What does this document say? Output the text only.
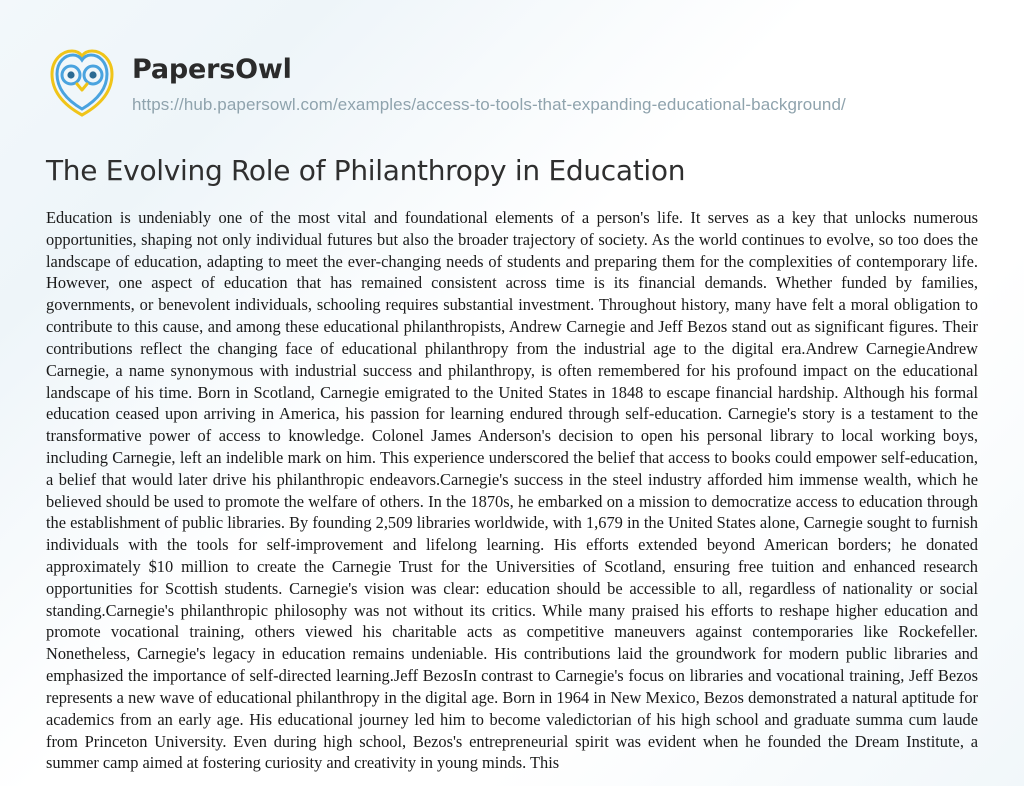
PapersOwl
https://hub.papersowl.com/examples/access-to-tools-that-expanding-educational-background/
The Evolving Role of Philanthropy in Education

Education is undeniably one of the most vital and foundational elements of a person's life. It serves as a key that unlocks numerous opportunities, shaping not only individual futures but also the broader trajectory of society. As the world continues to evolve, so too does the landscape of education, adapting to meet the ever-changing needs of students and preparing them for the complexities of contemporary life. However, one aspect of education that has remained consistent across time is its financial demands. Whether funded by families, governments, or benevolent individuals, schooling requires substantial investment. Throughout history, many have felt a moral obligation to contribute to this cause, and among these educational philanthropists, Andrew Carnegie and Jeff Bezos stand out as significant figures. Their contributions reflect the changing face of educational philanthropy from the industrial age to the digital era.Andrew CarnegieAndrew Carnegie, a name synonymous with industrial success and philanthropy, is often remembered for his profound impact on the educational landscape of his time. Born in Scotland, Carnegie emigrated to the United States in 1848 to escape financial hardship. Although his formal education ceased upon arriving in America, his passion for learning endured through self-education. Carnegie's story is a testament to the transformative power of access to knowledge. Colonel James Anderson's decision to open his personal library to local working boys, including Carnegie, left an indelible mark on him. This experience underscored the belief that access to books could empower self-education, a belief that would later drive his philanthropic endeavors.Carnegie's success in the steel industry afforded him immense wealth, which he believed should be used to promote the welfare of others. In the 1870s, he embarked on a mission to democratize access to education through the establishment of public libraries. By founding 2,509 libraries worldwide, with 1,679 in the United States alone, Carnegie sought to furnish individuals with the tools for self-improvement and lifelong learning. His efforts extended beyond American borders; he donated approximately $10 million to create the Carnegie Trust for the Universities of Scotland, ensuring free tuition and enhanced research opportunities for Scottish students. Carnegie's vision was clear: education should be accessible to all, regardless of nationality or social standing.Carnegie's philanthropic philosophy was not without its critics. While many praised his efforts to reshape higher education and promote vocational training, others viewed his charitable acts as competitive maneuvers against contemporaries like Rockefeller. Nonetheless, Carnegie's legacy in education remains undeniable. His contributions laid the groundwork for modern public libraries and emphasized the importance of self-directed learning.Jeff BezosIn contrast to Carnegie's focus on libraries and vocational training, Jeff Bezos represents a new wave of educational philanthropy in the digital age. Born in 1964 in New Mexico, Bezos demonstrated a natural aptitude for academics from an early age. His educational journey led him to become valedictorian of his high school and graduate summa cum laude from Princeton University. Even during high school, Bezos's entrepreneurial spirit was evident when he founded the Dream Institute, a summer camp aimed at fostering curiosity and creativity in young minds. This
